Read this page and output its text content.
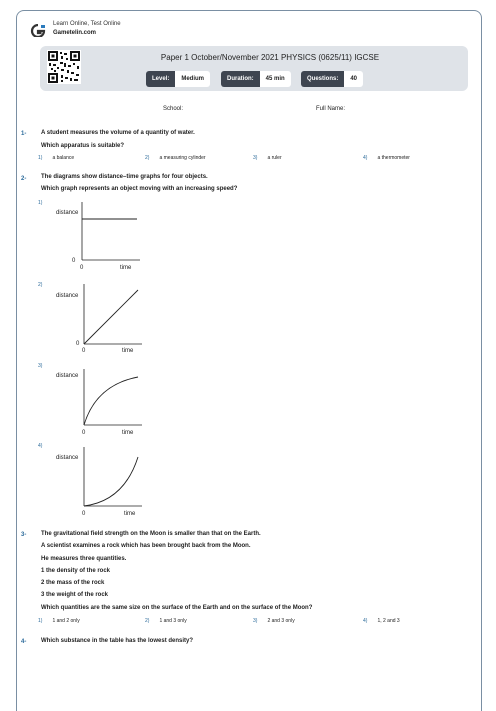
Learn Online, Test Online
Gametelin.com
Paper 1 October/November 2021 PHYSICS (0625/11) IGCSE
Level:	Medium	Duration:	45 min	Questions:	40
School:	Full Name:
1- A student measures the volume of a quantity of water.
Which apparatus is suitable?
1) a balance	2) a measuring cylinder	3) a ruler	4) a thermometer
2- The diagrams show distance–time graphs for four objects.
Which graph represents an object moving with an increasing speed?
1)
distance
0
0	time
2)
distance
0
0	time
3)
distance
0	time
4)
distance
0	time
3- The gravitational field strength on the Moon is smaller than that on the Earth.
A scientist examines a rock which has been brought back from the Moon.
He measures three quantities.
1 the density of the rock
2 the mass of the rock
3 the weight of the rock
Which quantities are the same size on the surface of the Earth and on the surface of the Moon?
1) 1 and 2 only	2) 1 and 3 only	3) 2 and 3 only	4) 1, 2 and 3
4- Which substance in the table has the lowest density?
